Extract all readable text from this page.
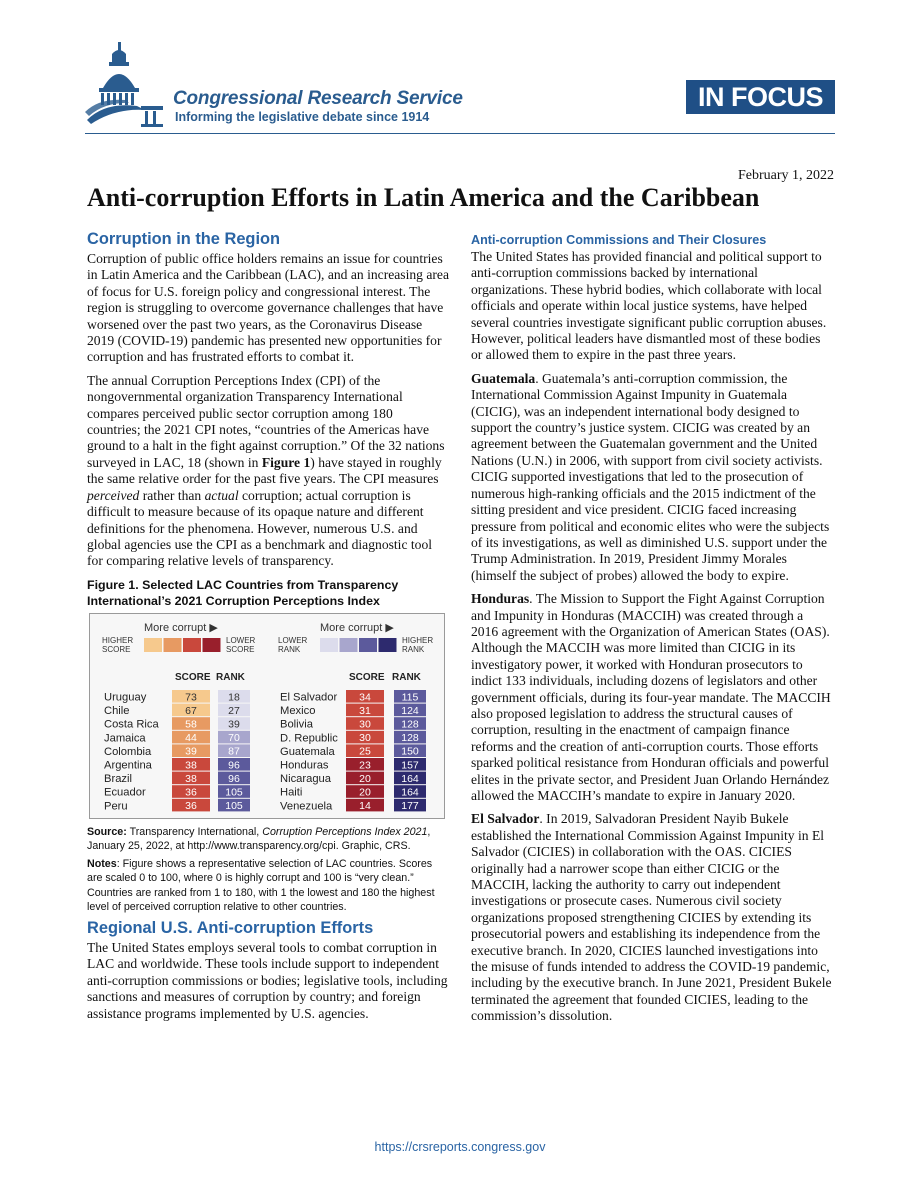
Congressional Research Service
Informing the legislative debate since 1914
IN FOCUS
February 1, 2022
Anti-corruption Efforts in Latin America and the Caribbean
Corruption in the Region

Corruption of public office holders remains an issue for countries in Latin America and the Caribbean (LAC), and an increasing area of focus for U.S. foreign policy and congressional interest. The region is struggling to overcome governance challenges that have worsened over the past two years, as the Coronavirus Disease 2019 (COVID-19) pandemic has presented new opportunities for corruption and has frustrated efforts to combat it.

The annual Corruption Perceptions Index (CPI) of the nongovernmental organization Transparency International compares perceived public sector corruption among 180 countries; the 2021 CPI notes, “countries of the Americas have ground to a halt in the fight against corruption.” Of the 32 nations surveyed in LAC, 18 (shown in Figure 1) have stayed in roughly the same relative order for the past five years. The CPI measures perceived rather than actual corruption; actual corruption is difficult to measure because of its opaque nature and different definitions for the phenomena. However, numerous U.S. and global agencies use the CPI as a benchmark and diagnostic tool for comparing relative levels of transparency.

Figure 1. Selected LAC Countries from Transparency International’s 2021 Corruption Perceptions Index
More corrupt ▶
HIGHER
SCORE
LOWER
SCORE
More corrupt ▶
LOWER
RANK
HIGHER
RANK
SCORE RANK
Uruguay	73	18
Chile	67	27
Costa Rica	58	39
Jamaica	44	70
Colombia	39	87
Argentina	38	96
Brazil	38	96
Ecuador	36	105
Peru	36	105
SCORE RANK
El Salvador 34	115
Mexico	31	124
Bolivia	30	128
D. Republic 30	128
Guatemala 25	150
Honduras	23	157
Nicaragua	20	164
Haiti	20	164
Venezuela	14	177
Source: Transparency International, Corruption Perceptions Index 2021, January 25, 2022, at http://www.transparency.org/cpi. Graphic, CRS.
Notes: Figure shows a representative selection of LAC countries. Scores are scaled 0 to 100, where 0 is highly corrupt and 100 is “very clean.” Countries are ranked from 1 to 180, with 1 the lowest and 180 the highest level of perceived corruption relative to other countries.
Regional U.S. Anti-corruption Efforts

The United States employs several tools to combat corruption in LAC and worldwide. These tools include support to independent anti-corruption commissions or bodies; legislative tools, including sanctions and measures of corruption by country; and foreign assistance programs implemented by U.S. agencies.

Anti-corruption Commissions and Their Closures

The United States has provided financial and political support to anti-corruption commissions backed by international organizations. These hybrid bodies, which collaborate with local officials and operate within local justice systems, have helped several countries investigate significant public corruption abuses. However, political leaders have dismantled most of these bodies or allowed them to expire in the past three years.

Guatemala. Guatemala’s anti-corruption commission, the International Commission Against Impunity in Guatemala (CICIG), was an independent international body designed to support the country’s justice system. CICIG was created by an agreement between the Guatemalan government and the United Nations (U.N.) in 2006, with support from civil society activists. CICIG supported investigations that led to the prosecution of numerous high-ranking officials and the 2015 indictment of the sitting president and vice president. CICIG faced increasing pressure from political and economic elites who were the subjects of its investigations, as well as diminished U.S. support under the Trump Administration. In 2019, President Jimmy Morales (himself the subject of probes) allowed the body to expire.

Honduras. The Mission to Support the Fight Against Corruption and Impunity in Honduras (MACCIH) was created through a 2016 agreement with the Organization of American States (OAS). Although the MACCIH was more limited than CICIG in its investigatory power, it worked with Honduran prosecutors to indict 133 individuals, including dozens of legislators and other government officials, during its four-year mandate. The MACCIH also proposed legislation to address the structural causes of corruption, resulting in the enactment of campaign finance reforms and the creation of anti-corruption courts. Those efforts sparked political resistance from Honduran officials and powerful elites in the private sector, and President Juan Orlando Hernández allowed the MACCIH’s mandate to expire in January 2020.

El Salvador. In 2019, Salvadoran President Nayib Bukele established the International Commission Against Impunity in El Salvador (CICIES) in collaboration with the OAS. CICIES originally had a narrower scope than either CICIG or the MACCIH, lacking the authority to carry out independent investigations or prosecute cases. Numerous civil society organizations proposed strengthening CICIES by extending its prosecutorial powers and establishing its independence from the executive branch. In 2020, CICIES launched investigations into the misuse of funds intended to address the COVID-19 pandemic, including by the executive branch. In June 2021, President Bukele terminated the agreement that founded CICIES, leading to the commission’s dissolution.

https://crsreports.congress.gov
